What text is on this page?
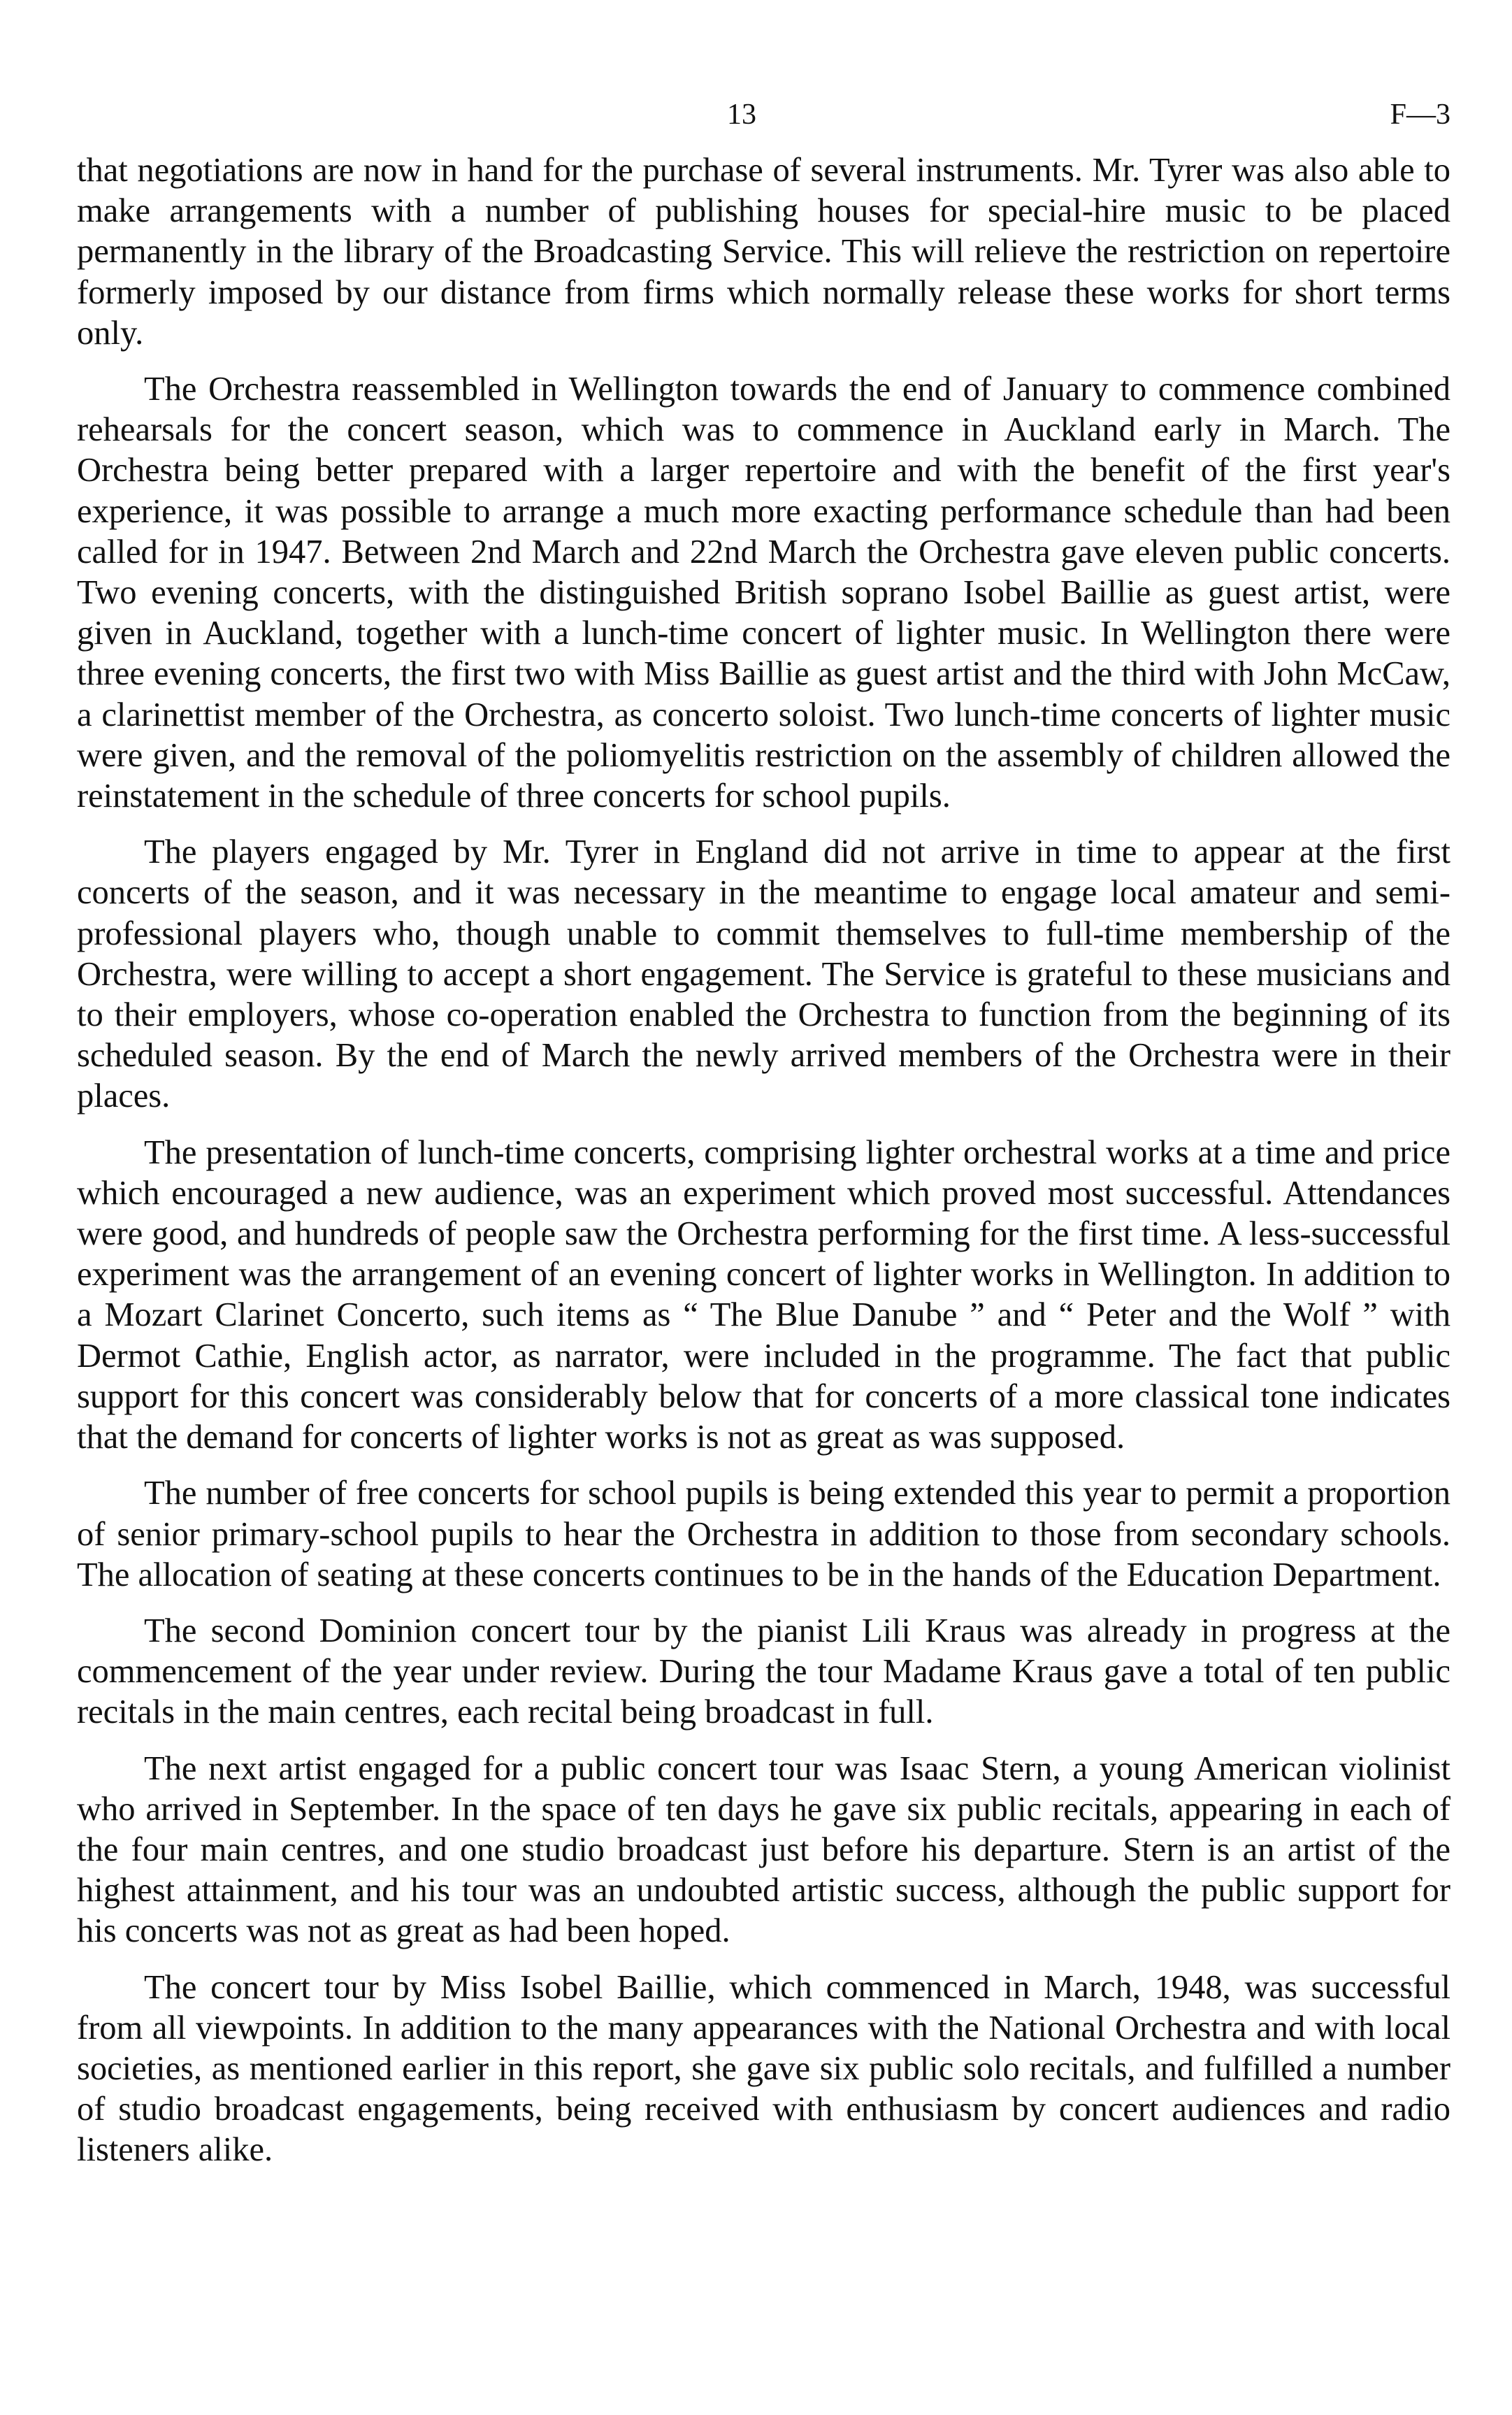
13	F—3

that negotiations are now in hand for the purchase of several instruments. Mr. Tyrer was also able to make arrangements with a number of publishing houses for special-hire music to be placed permanently in the library of the Broadcasting Service. This will relieve the restriction on repertoire formerly imposed by our distance from firms which normally release these works for short terms only.

The Orchestra reassembled in Wellington towards the end of January to commence combined rehearsals for the concert season, which was to commence in Auckland early in March. The Orchestra being better prepared with a larger repertoire and with the benefit of the first year's experience, it was possible to arrange a much more exacting performance schedule than had been called for in 1947. Between 2nd March and 22nd March the Orchestra gave eleven public concerts. Two evening concerts, with the distinguished British soprano Isobel Baillie as guest artist, were given in Auckland, together with a lunch-time concert of lighter music. In Wellington there were three evening concerts, the first two with Miss Baillie as guest artist and the third with John McCaw, a clarinettist member of the Orchestra, as concerto soloist. Two lunch-time concerts of lighter music were given, and the removal of the poliomyelitis restriction on the assembly of children allowed the reinstatement in the schedule of three concerts for school pupils.

The players engaged by Mr. Tyrer in England did not arrive in time to appear at the first concerts of the season, and it was necessary in the meantime to engage local amateur and semi-professional players who, though unable to commit themselves to full-time membership of the Orchestra, were willing to accept a short engagement. The Service is grateful to these musicians and to their employers, whose co-operation enabled the Orchestra to function from the beginning of its scheduled season. By the end of March the newly arrived members of the Orchestra were in their places.

The presentation of lunch-time concerts, comprising lighter orchestral works at a time and price which encouraged a new audience, was an experiment which proved most successful. Attendances were good, and hundreds of people saw the Orchestra performing for the first time. A less-successful experiment was the arrangement of an evening concert of lighter works in Wellington. In addition to a Mozart Clarinet Concerto, such items as “ The Blue Danube ” and “ Peter and the Wolf ” with Dermot Cathie, English actor, as narrator, were included in the programme. The fact that public support for this concert was considerably below that for concerts of a more classical tone indicates that the demand for concerts of lighter works is not as great as was supposed.

The number of free concerts for school pupils is being extended this year to permit a proportion of senior primary-school pupils to hear the Orchestra in addition to those from secondary schools. The allocation of seating at these concerts continues to be in the hands of the Education Department.

The second Dominion concert tour by the pianist Lili Kraus was already in progress at the commencement of the year under review. During the tour Madame Kraus gave a total of ten public recitals in the main centres, each recital being broadcast in full.

The next artist engaged for a public concert tour was Isaac Stern, a young American violinist who arrived in September. In the space of ten days he gave six public recitals, appearing in each of the four main centres, and one studio broadcast just before his departure. Stern is an artist of the highest attainment, and his tour was an undoubted artistic success, although the public support for his concerts was not as great as had been hoped.

The concert tour by Miss Isobel Baillie, which commenced in March, 1948, was successful from all viewpoints. In addition to the many appearances with the National Orchestra and with local societies, as mentioned earlier in this report, she gave six public solo recitals, and fulfilled a number of studio broadcast engagements, being received with enthusiasm by concert audiences and radio listeners alike.
